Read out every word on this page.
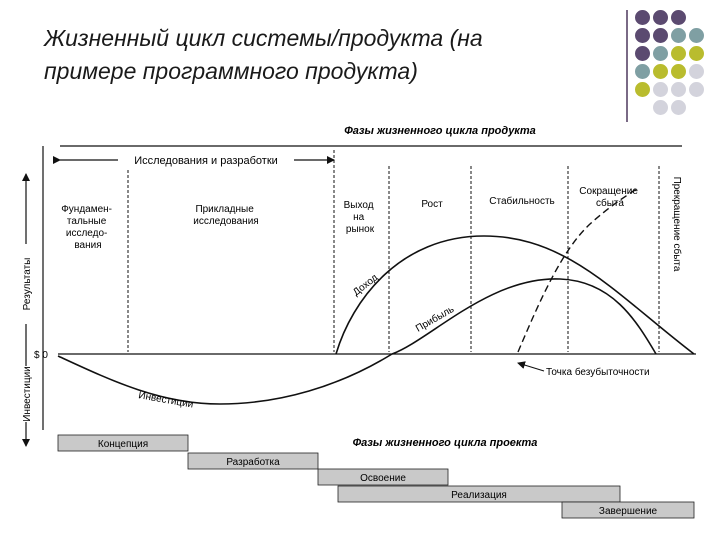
Жизненный цикл системы/продукта (на
примере программного продукта)
Фазы жизненного цикла продукта
Исследования и разработки
Результаты
Инвестиции
$ 0
Фундамен- тальные исследо- вания
Прикладные исследования
Выход на рынок
Рост	Стабильность
Сокращение сбыта	Прекращение сбыта
Доход
Прибыль
Инвестиции
Точка безубыточности
Фазы жизненного цикла проекта
Концепция
Разработка
Освоение
Реализация
Завершение
